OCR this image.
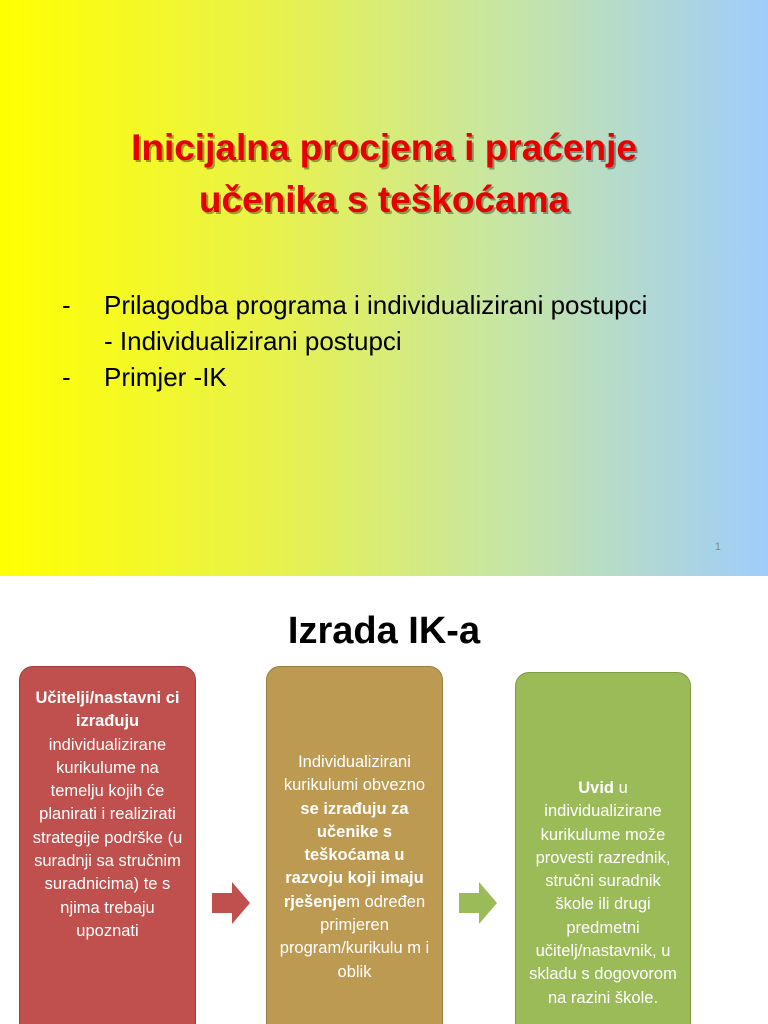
Inicijalna procjena i praćenje
učenika s teškoćama
-	Prilagodba programa i individualizirani postupci
- Individualizirani postupci
-	Primjer -IK
1
Izrada IK-a
Učitelji/nastavni ci izrađuju individualizirane kurikulume na temelju kojih će planirati i realizirati strategije podrške (u suradnji sa stručnim suradnicima) te s njima trebaju upoznati
Individualizirani kurikulumi obvezno se izrađuju za učenike s teškoćama u razvoju koji imaju rješenjem određen primjeren program/kurikulu m i oblik
Uvid u individualizirane kurikulume može provesti razrednik, stručni suradnik škole ili drugi predmetni učitelj/nastavnik, u skladu s dogovorom na razini škole.
